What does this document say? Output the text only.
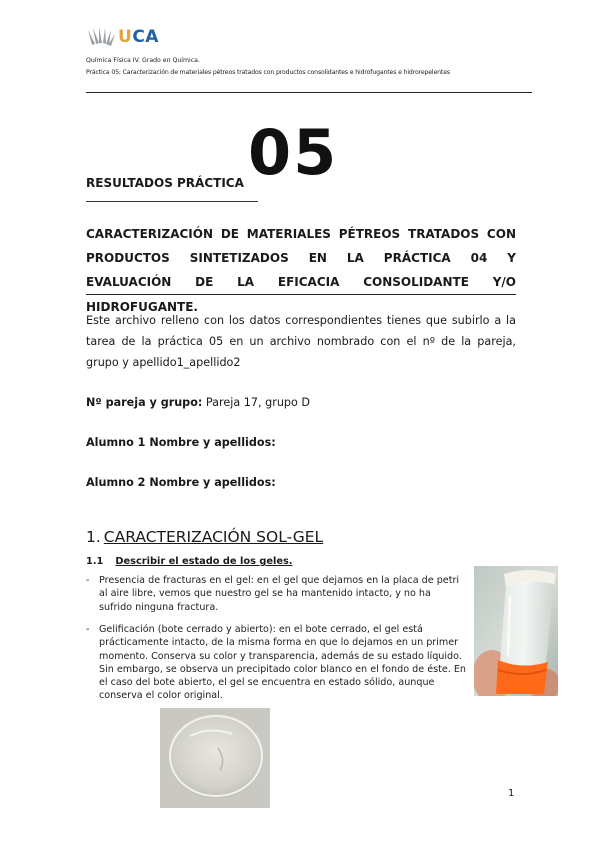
UCA
Química Física IV. Grado en Química.
Práctica 05: Caracterización de materiales pétreos tratados con productos consolidantes e hidrofugantes e hidrorepelentes
RESULTADOS PRÁCTICA 05
CARACTERIZACIÓN DE MATERIALES PÉTREOS TRATADOS CON
PRODUCTOS SINTETIZADOS EN LA PRÁCTICA 04 Y
EVALUACIÓN DE LA EFICACIA CONSOLIDANTE Y/O
HIDROFUGANTE.
Este archivo relleno con los datos correspondientes tienes que subirlo a la tarea de la práctica 05 en un archivo nombrado con el nº de la pareja, grupo y apellido1_apellido2
Nº pareja y grupo: Pareja 17, grupo D
Alumno 1 Nombre y apellidos:
Alumno 2 Nombre y apellidos:
1. CARACTERIZACIÓN SOL-GEL
1.1 Describir el estado de los geles.
- Presencia de fracturas en el gel: en el gel que dejamos en la placa de petri al aire libre, vemos que nuestro gel se ha mantenido intacto, y no ha sufrido ninguna fractura.
- Gelificación (bote cerrado y abierto): en el bote cerrado, el gel está prácticamente intacto, de la misma forma en que lo dejamos en un primer momento. Conserva su color y transparencia, además de su estado líquido. Sin embargo, se observa un precipitado color blanco en el fondo de éste. En el caso del bote abierto, el gel se encuentra en estado sólido, aunque conserva el color original.
1
